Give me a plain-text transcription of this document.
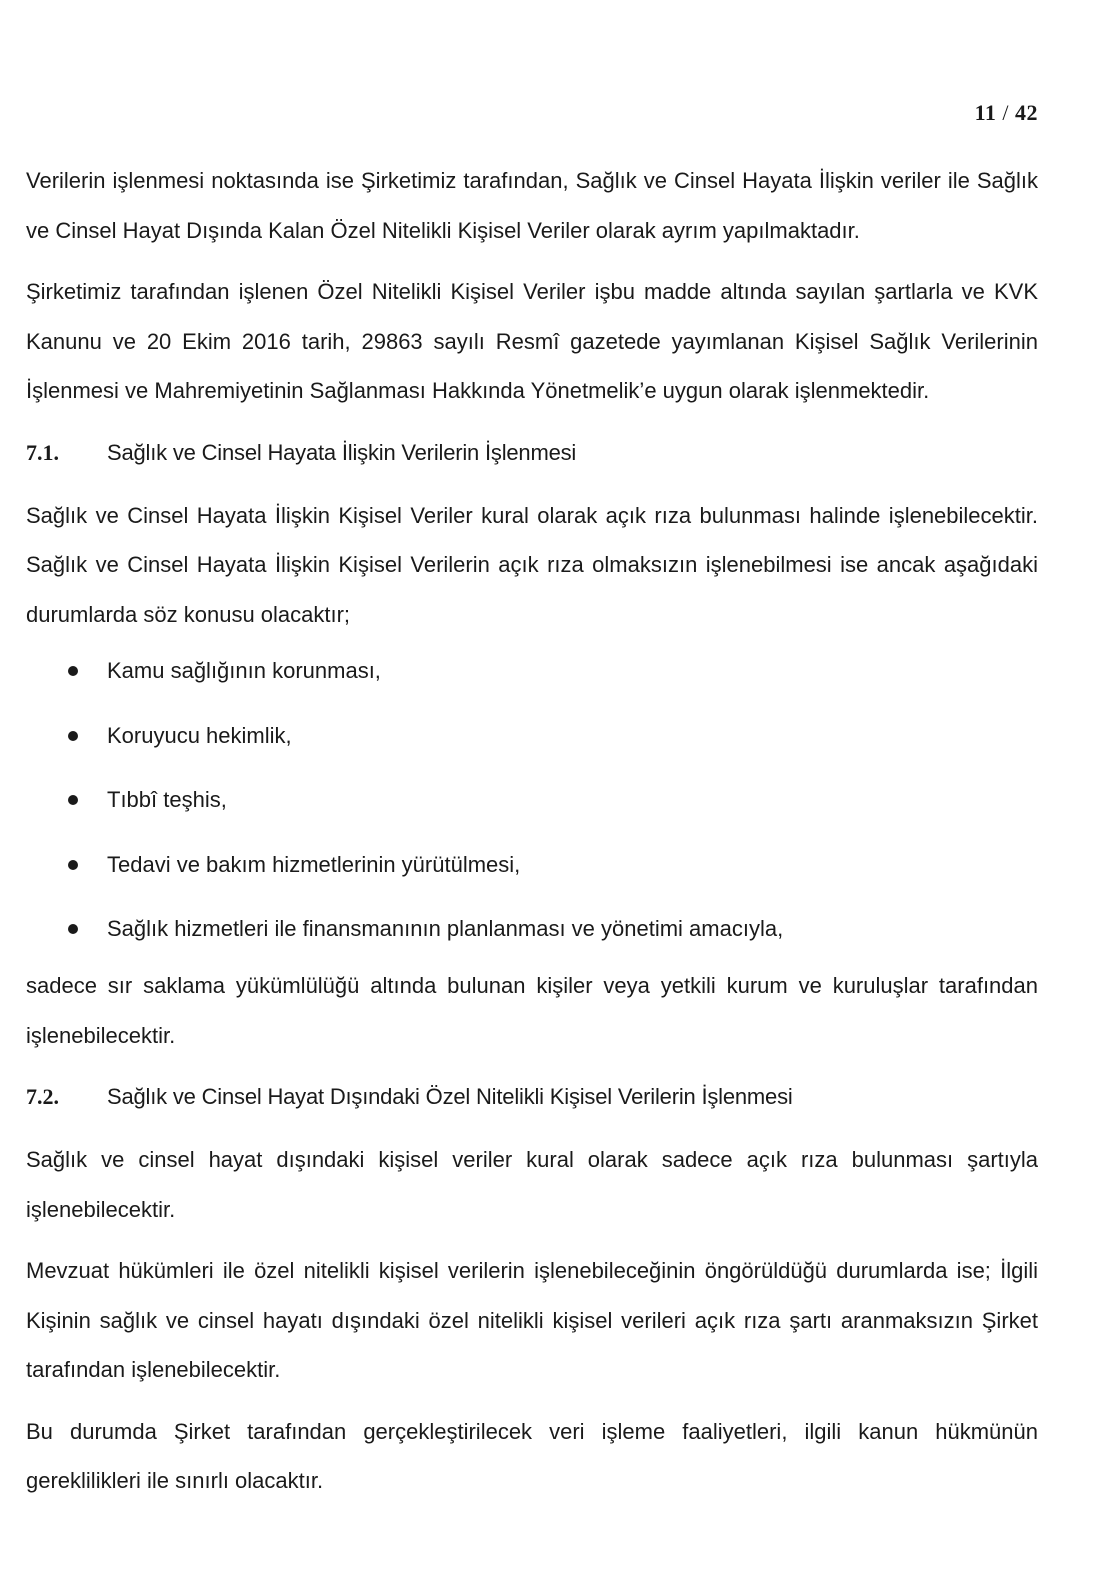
11 / 42

Verilerin işlenmesi noktasında ise Şirketimiz tarafından, Sağlık ve Cinsel Hayata İlişkin veriler ile Sağlık ve Cinsel Hayat Dışında Kalan Özel Nitelikli Kişisel Veriler olarak ayrım yapılmaktadır.

Şirketimiz tarafından işlenen Özel Nitelikli Kişisel Veriler işbu madde altında sayılan şartlarla ve KVK Kanunu ve 20 Ekim 2016 tarih, 29863 sayılı Resmî gazetede yayımlanan Kişisel Sağlık Verilerinin İşlenmesi ve Mahremiyetinin Sağlanması Hakkında Yönetmelik’e uygun olarak işlenmektedir.

7.1.	Sağlık ve Cinsel Hayata İlişkin Verilerin İşlenmesi

Sağlık ve Cinsel Hayata İlişkin Kişisel Veriler kural olarak açık rıza bulunması halinde işlenebilecektir. Sağlık ve Cinsel Hayata İlişkin Kişisel Verilerin açık rıza olmaksızın işlenebilmesi ise ancak aşağıdaki durumlarda söz konusu olacaktır;

Kamu sağlığının korunması,
Koruyucu hekimlik,
Tıbbî teşhis,
Tedavi ve bakım hizmetlerinin yürütülmesi,
Sağlık hizmetleri ile finansmanının planlanması ve yönetimi amacıyla,

sadece sır saklama yükümlülüğü altında bulunan kişiler veya yetkili kurum ve kuruluşlar tarafından işlenebilecektir.

7.2.	Sağlık ve Cinsel Hayat Dışındaki Özel Nitelikli Kişisel Verilerin İşlenmesi

Sağlık ve cinsel hayat dışındaki kişisel veriler kural olarak sadece açık rıza bulunması şartıyla işlenebilecektir.

Mevzuat hükümleri ile özel nitelikli kişisel verilerin işlenebileceğinin öngörüldüğü durumlarda ise; İlgili Kişinin sağlık ve cinsel hayatı dışındaki özel nitelikli kişisel verileri açık rıza şartı aranmaksızın Şirket tarafından işlenebilecektir.

Bu durumda Şirket tarafından gerçekleştirilecek veri işleme faaliyetleri, ilgili kanun hükmünün gereklilikleri ile sınırlı olacaktır.
